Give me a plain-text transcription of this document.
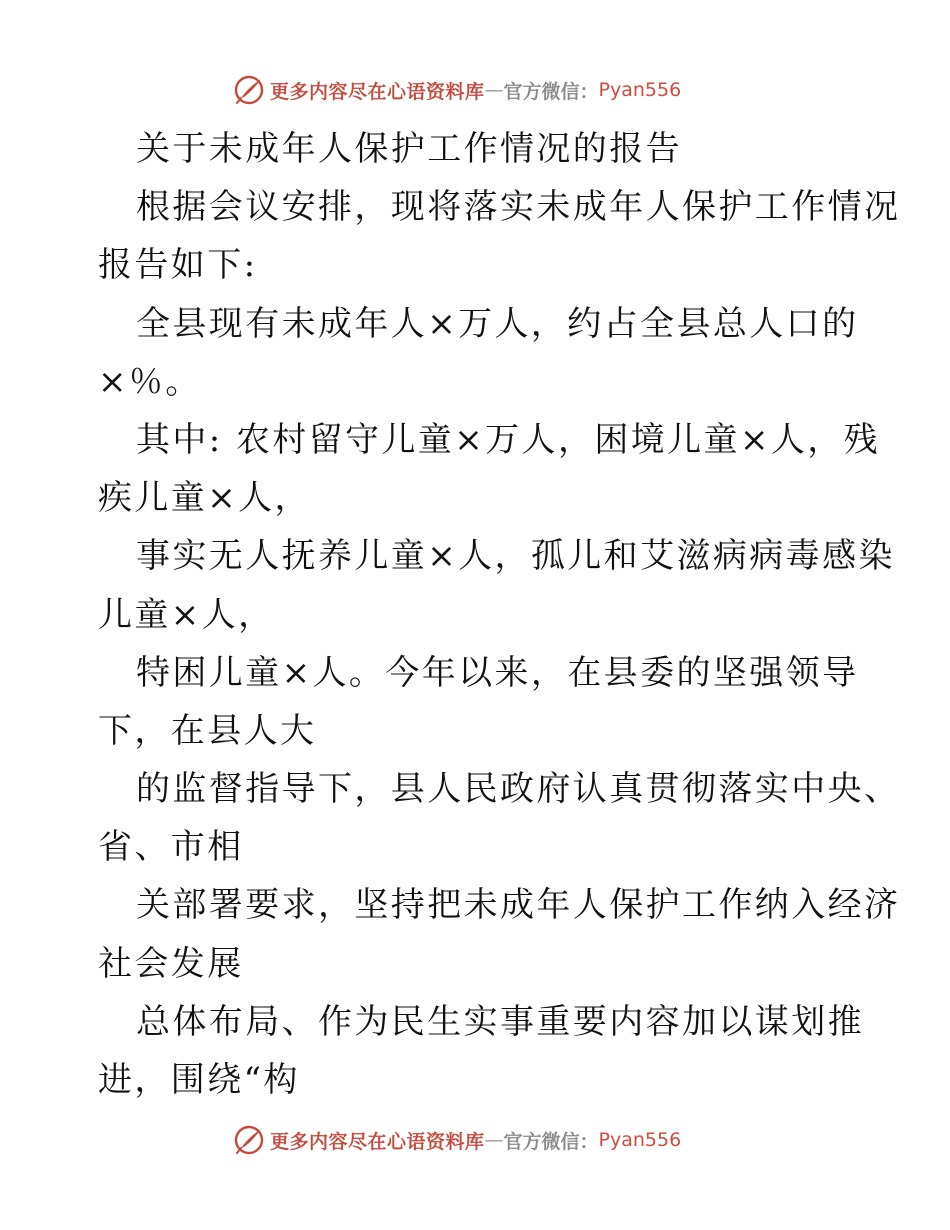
更多内容尽在心语资料库 — 官方微信： Pyan556
关于未成年人保护工作情况的报告
根据会议安排，现将落实未成年人保护工作情况
报告如下:
全县现有未成年人×万人，约占全县总人口的
×％。
其中: 农村留守儿童×万人，困境儿童×人，残
疾儿童×人，
事实无人抚养儿童×人，孤儿和艾滋病病毒感染
儿童×人，
特困儿童×人。今年以来，在县委的坚强领导
下，在县人大
的监督指导下，县人民政府认真贯彻落实中央、
省、市相
关部署要求，坚持把未成年人保护工作纳入经济
社会发展
总体布局、作为民生实事重要内容加以谋划推
进，围绕“构
更多内容尽在心语资料库 — 官方微信： Pyan556
